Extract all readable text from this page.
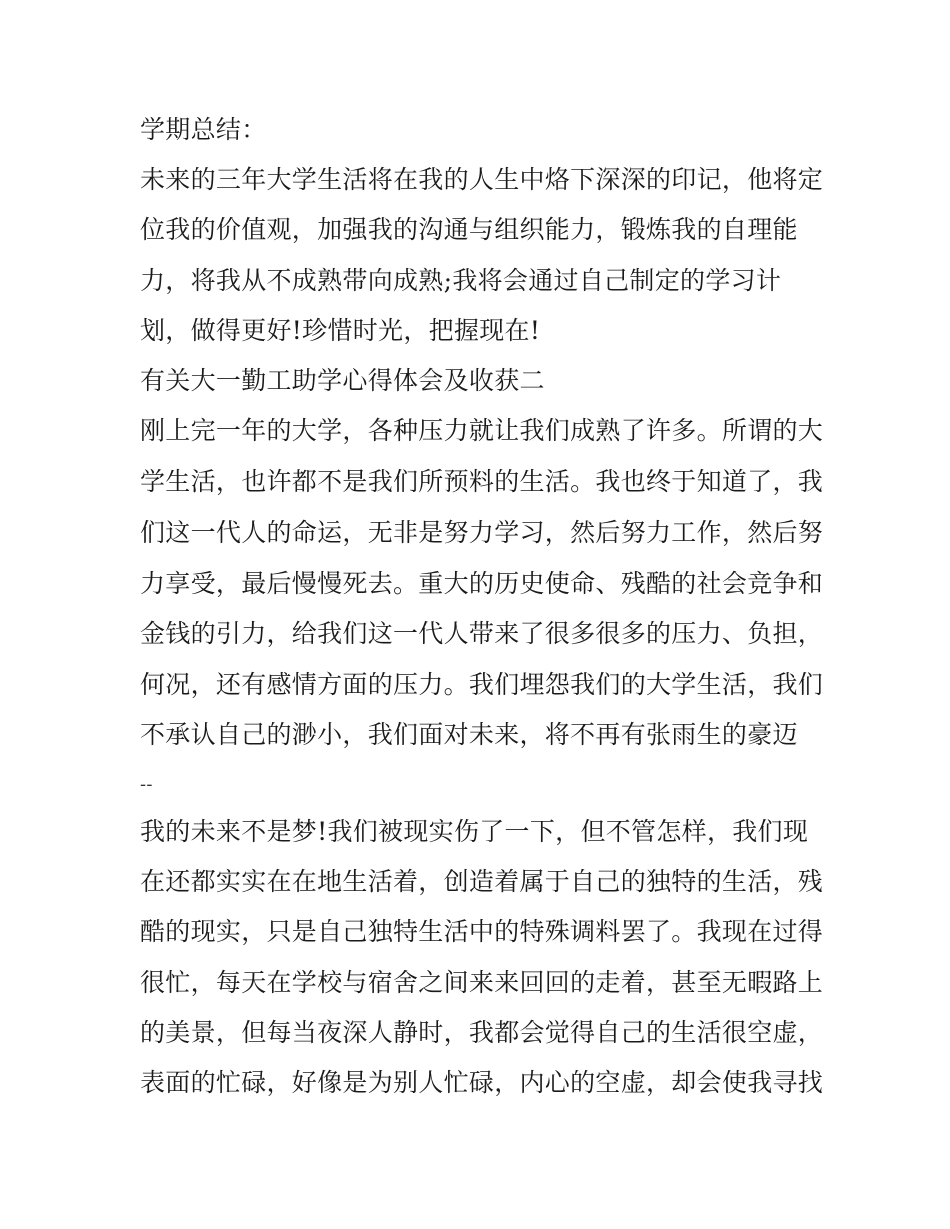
学期总结：

未来的三年大学生活将在我的人生中烙下深深的印记，他将定

位我的价值观，加强我的沟通与组织能力，锻炼我的自理能

力，将我从不成熟带向成熟;我将会通过自己制定的学习计

划，做得更好!珍惜时光，把握现在!

有关大一勤工助学心得体会及收获二

刚上完一年的大学，各种压力就让我们成熟了许多。所谓的大

学生活，也许都不是我们所预料的生活。我也终于知道了，我

们这一代人的命运，无非是努力学习，然后努力工作，然后努

力享受，最后慢慢死去。重大的历史使命、残酷的社会竞争和

金钱的引力，给我们这一代人带来了很多很多的压力、负担，

何况，还有感情方面的压力。我们埋怨我们的大学生活，我们

不承认自己的渺小，我们面对未来，将不再有张雨生的豪迈

--

我的未来不是梦!我们被现实伤了一下，但不管怎样，我们现

在还都实实在在地生活着，创造着属于自己的独特的生活，残

酷的现实，只是自己独特生活中的特殊调料罢了。我现在过得

很忙，每天在学校与宿舍之间来来回回的走着，甚至无暇路上

的美景，但每当夜深人静时，我都会觉得自己的生活很空虚，

表面的忙碌，好像是为别人忙碌，内心的空虚，却会使我寻找
